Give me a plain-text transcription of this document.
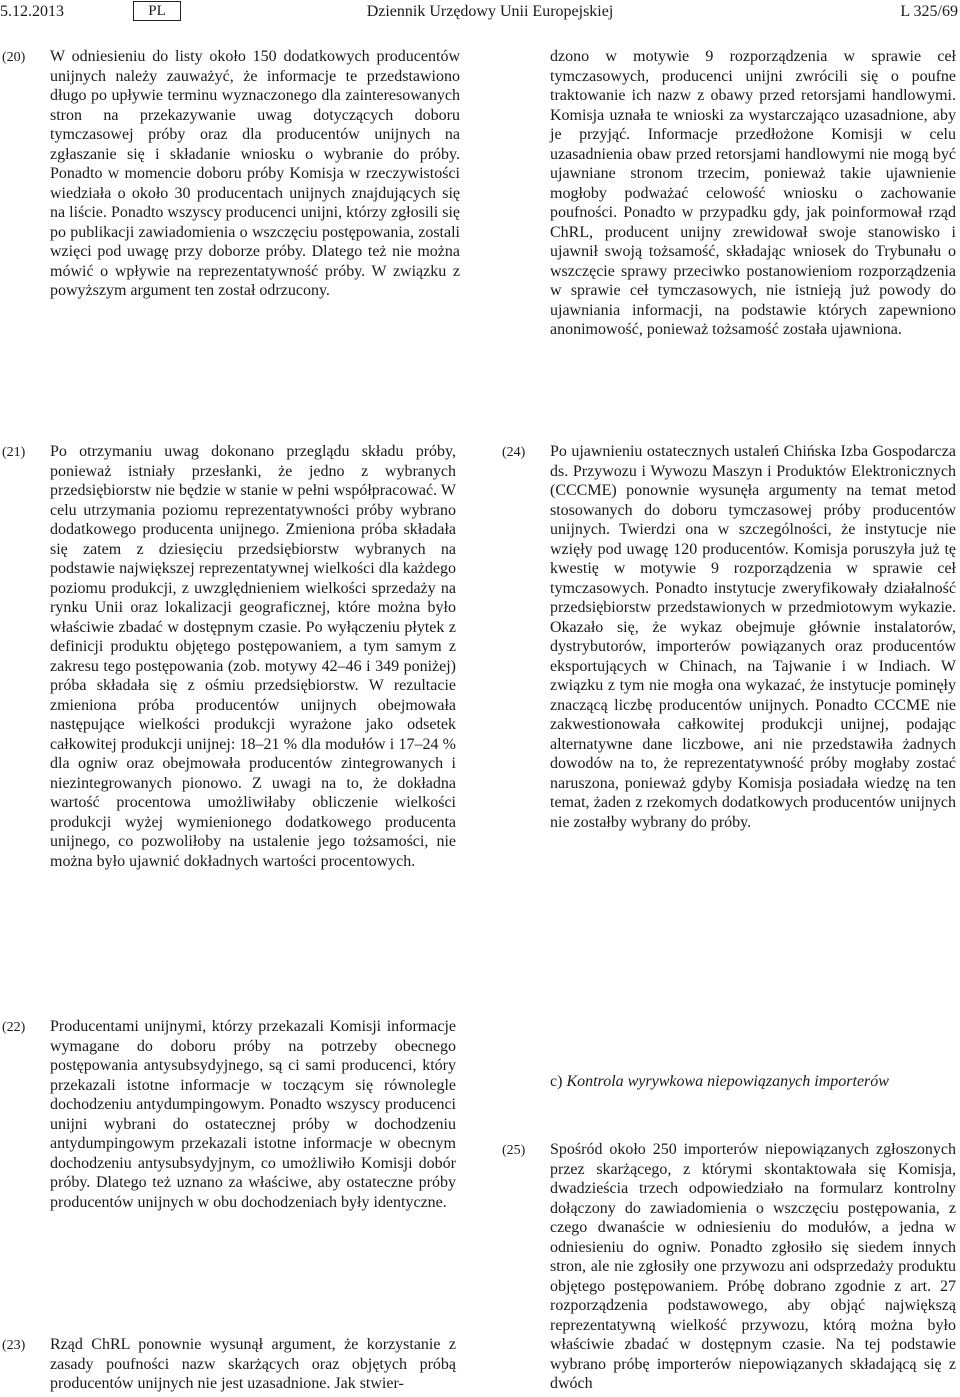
5.12.2013	PL	Dziennik Urzędowy Unii Europejskiej	L 325/69
(20) W odniesieniu do listy około 150 dodatkowych producentów unijnych należy zauważyć, że informacje te przedstawiono długo po upływie terminu wyznaczonego dla zainteresowanych stron na przekazywanie uwag dotyczących doboru tymczasowej próby oraz dla producentów unijnych na zgłaszanie się i składanie wniosku o wybranie do próby. Ponadto w momencie doboru próby Komisja w rzeczywistości wiedziała o około 30 producentach unijnych znajdujących się na liście. Ponadto wszyscy producenci unijni, którzy zgłosili się po publikacji zawiadomienia o wszczęciu postępowania, zostali wzięci pod uwagę przy doborze próby. Dlatego też nie można mówić o wpływie na reprezentatywność próby. W związku z powyższym argument ten został odrzucony.
dzono w motywie 9 rozporządzenia w sprawie ceł tymczasowych, producenci unijni zwrócili się o poufne traktowanie ich nazw z obawy przed retorsjami handlowymi. Komisja uznała te wnioski za wystarczająco uzasadnione, aby je przyjąć. Informacje przedłożone Komisji w celu uzasadnienia obaw przed retorsjami handlowymi nie mogą być ujawniane stronom trzecim, ponieważ takie ujawnienie mogłoby podważać celowość wniosku o zachowanie poufności. Ponadto w przypadku gdy, jak poinformował rząd ChRL, producent unijny zrewidował swoje stanowisko i ujawnił swoją tożsamość, składając wniosek do Trybunału o wszczęcie sprawy przeciwko postanowieniom rozporządzenia w sprawie ceł tymczasowych, nie istnieją już powody do ujawniania informacji, na podstawie których zapewniono anonimowość, ponieważ tożsamość została ujawniona.
(21) Po otrzymaniu uwag dokonano przeglądu składu próby, ponieważ istniały przesłanki, że jedno z wybranych przedsiębiorstw nie będzie w stanie w pełni współpracować. W celu utrzymania poziomu reprezentatywności próby wybrano dodatkowego producenta unijnego. Zmieniona próba składała się zatem z dziesięciu przedsiębiorstw wybranych na podstawie największej reprezentatywnej wielkości dla każdego poziomu produkcji, z uwzględnieniem wielkości sprzedaży na rynku Unii oraz lokalizacji geograficznej, które można było właściwie zbadać w dostępnym czasie. Po wyłączeniu płytek z definicji produktu objętego postępowaniem, a tym samym z zakresu tego postępowania (zob. motywy 42–46 i 349 poniżej) próba składała się z ośmiu przedsiębiorstw. W rezultacie zmieniona próba producentów unijnych obejmowała następujące wielkości produkcji wyrażone jako odsetek całkowitej produkcji unijnej: 18–21 % dla modułów i 17–24 % dla ogniw oraz obejmowała producentów zintegrowanych i niezintegrowanych pionowo. Z uwagi na to, że dokładna wartość procentowa umożliwiłaby obliczenie wielkości produkcji wyżej wymienionego dodatkowego producenta unijnego, co pozwoliłoby na ustalenie jego tożsamości, nie można było ujawnić dokładnych wartości procentowych.
(24) Po ujawnieniu ostatecznych ustaleń Chińska Izba Gospodarcza ds. Przywozu i Wywozu Maszyn i Produktów Elektronicznych (CCCME) ponownie wysunęła argumenty na temat metod stosowanych do doboru tymczasowej próby producentów unijnych. Twierdzi ona w szczególności, że instytucje nie wzięły pod uwagę 120 producentów. Komisja poruszyła już tę kwestię w motywie 9 rozporządzenia w sprawie ceł tymczasowych. Ponadto instytucje zweryfikowały działalność przedsiębiorstw przedstawionych w przedmiotowym wykazie. Okazało się, że wykaz obejmuje głównie instalatorów, dystrybutorów, importerów powiązanych oraz producentów eksportujących w Chinach, na Tajwanie i w Indiach. W związku z tym nie mogła ona wykazać, że instytucje pominęły znaczącą liczbę producentów unijnych. Ponadto CCCME nie zakwestionowała całkowitej produkcji unijnej, podając alternatywne dane liczbowe, ani nie przedstawiła żadnych dowodów na to, że reprezentatywność próby mogłaby zostać naruszona, ponieważ gdyby Komisja posiadała wiedzę na ten temat, żaden z rzekomych dodatkowych producentów unijnych nie zostałby wybrany do próby.
(22) Producentami unijnymi, którzy przekazali Komisji informacje wymagane do doboru próby na potrzeby obecnego postępowania antysubsydyjnego, są ci sami producenci, który przekazali istotne informacje w toczącym się równolegle dochodzeniu antydumpingowym. Ponadto wszyscy producenci unijni wybrani do ostatecznej próby w dochodzeniu antydumpingowym przekazali istotne informacje w obecnym dochodzeniu antysubsydyjnym, co umożliwiło Komisji dobór próby. Dlatego też uznano za właściwe, aby ostateczne próby producentów unijnych w obu dochodzeniach były identyczne.
c) Kontrola wyrywkowa niepowiązanych importerów
(25) Spośród około 250 importerów niepowiązanych zgłoszonych przez skarżącego, z którymi skontaktowała się Komisja, dwadzieścia trzech odpowiedziało na formularz kontrolny dołączony do zawiadomienia o wszczęciu postępowania, z czego dwanaście w odniesieniu do modułów, a jedna w odniesieniu do ogniw. Ponadto zgłosiło się siedem innych stron, ale nie zgłosiły one przywozu ani odsprzedaży produktu objętego postępowaniem. Próbę dobrano zgodnie z art. 27 rozporządzenia podstawowego, aby objąć największą reprezentatywną wielkość przywozu, którą można było właściwie zbadać w dostępnym czasie. Na tej podstawie wybrano próbę importerów niepowiązanych składającą się z dwóch
(23) Rząd ChRL ponownie wysunął argument, że korzystanie z zasady poufności nazw skarżących oraz objętych próbą producentów unijnych nie jest uzasadnione. Jak stwier-
